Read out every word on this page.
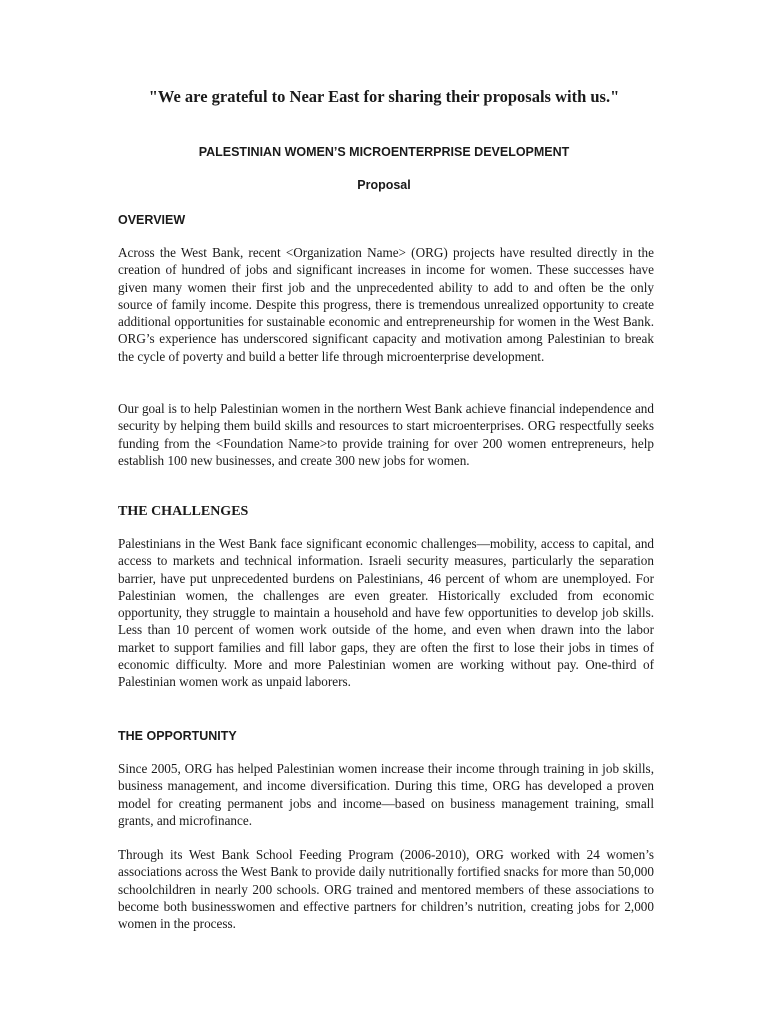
"We are grateful to Near East for sharing their proposals with us."

PALESTINIAN WOMEN’S MICROENTERPRISE DEVELOPMENT

Proposal

OVERVIEW

Across the West Bank, recent <Organization Name> (ORG) projects have resulted directly in the creation of hundred of jobs and significant increases in income for women. These successes have given many women their first job and the unprecedented ability to add to and often be the only source of family income. Despite this progress, there is tremendous unrealized opportunity to create additional opportunities for sustainable economic and entrepreneurship for women in the West Bank. ORG’s experience has underscored significant capacity and motivation among Palestinian to break the cycle of poverty and build a better life through microenterprise development.

Our goal is to help Palestinian women in the northern West Bank achieve financial independence and security by helping them build skills and resources to start microenterprises. ORG respectfully seeks funding from the <Foundation Name>to provide training for over 200 women entrepreneurs, help establish 100 new businesses, and create 300 new jobs for women.

THE CHALLENGES

Palestinians in the West Bank face significant economic challenges—mobility, access to capital, and access to markets and technical information. Israeli security measures, particularly the separation barrier, have put unprecedented burdens on Palestinians, 46 percent of whom are unemployed. For Palestinian women, the challenges are even greater. Historically excluded from economic opportunity, they struggle to maintain a household and have few opportunities to develop job skills. Less than 10 percent of women work outside of the home, and even when drawn into the labor market to support families and fill labor gaps, they are often the first to lose their jobs in times of economic difficulty. More and more Palestinian women are working without pay. One-third of Palestinian women work as unpaid laborers.

THE OPPORTUNITY

Since 2005, ORG has helped Palestinian women increase their income through training in job skills, business management, and income diversification. During this time, ORG has developed a proven model for creating permanent jobs and income—based on business management training, small grants, and microfinance.

Through its West Bank School Feeding Program (2006-2010), ORG worked with 24 women’s associations across the West Bank to provide daily nutritionally fortified snacks for more than 50,000 schoolchildren in nearly 200 schools. ORG trained and mentored members of these associations to become both businesswomen and effective partners for children’s nutrition, creating jobs for 2,000 women in the process.
